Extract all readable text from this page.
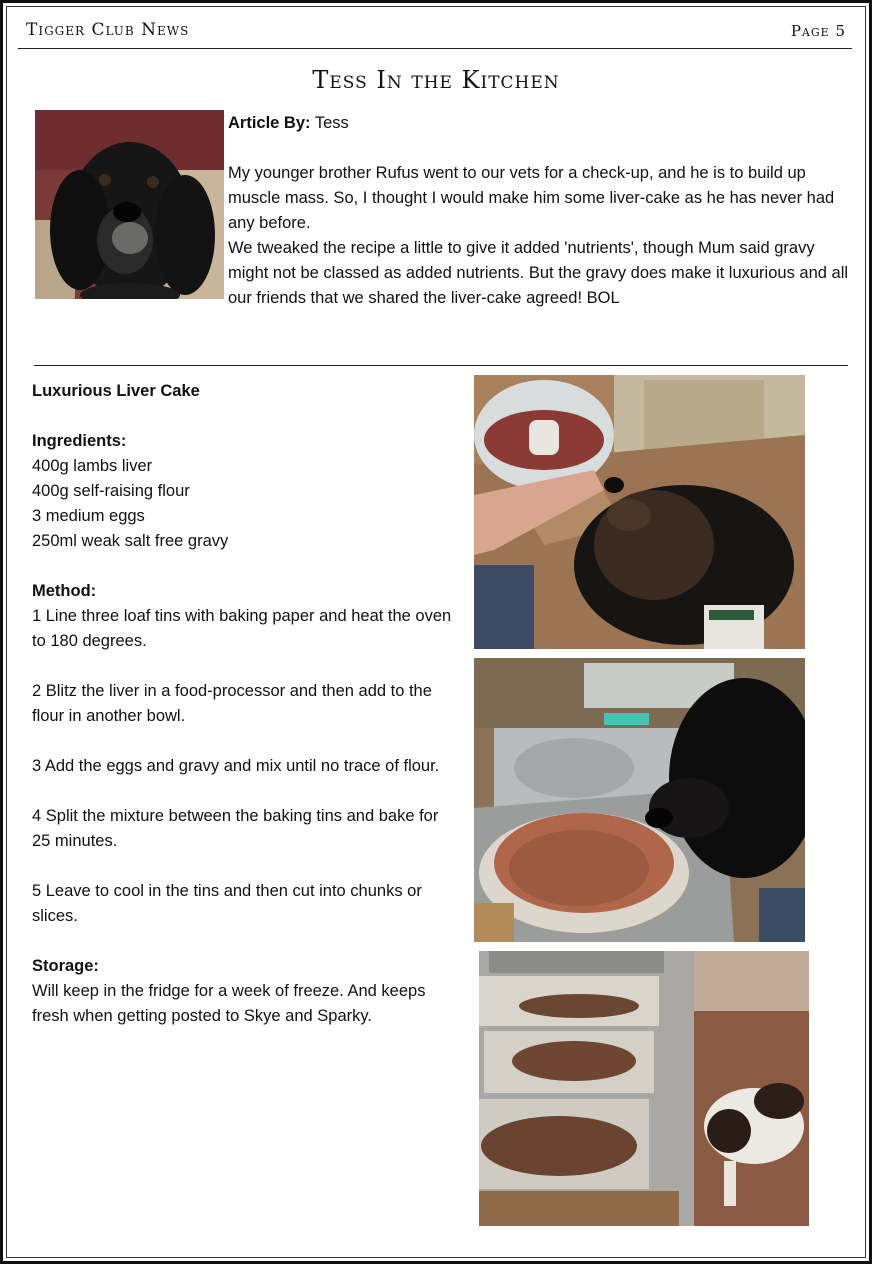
Tigger Club News	Page 5
Tess In the Kitchen

Article By: Tess

My younger brother Rufus went to our vets for a check-up, and he is to build up muscle mass. So, I thought I would make him some liver-cake as he has never had any before.

We tweaked the recipe a little to give it added 'nutrients', though Mum said gravy might not be classed as added nutrients. But the gravy does make it luxurious and all our friends that we shared the liver-cake agreed! BOL

Luxurious Liver Cake

Ingredients:

400g lambs liver

400g self-raising flour

3 medium eggs

250ml weak salt free gravy

Method:

1 Line three loaf tins with baking paper and heat the oven to 180 degrees.

2 Blitz the liver in a food-processor and then add to the flour in another bowl.

3 Add the eggs and gravy and mix until no trace of flour.

4 Split the mixture between the baking tins and bake for 25 minutes.

5 Leave to cool in the tins and then cut into chunks or slices.

Storage:

Will keep in the fridge for a week of freeze. And keeps fresh when getting posted to Skye and Sparky.
